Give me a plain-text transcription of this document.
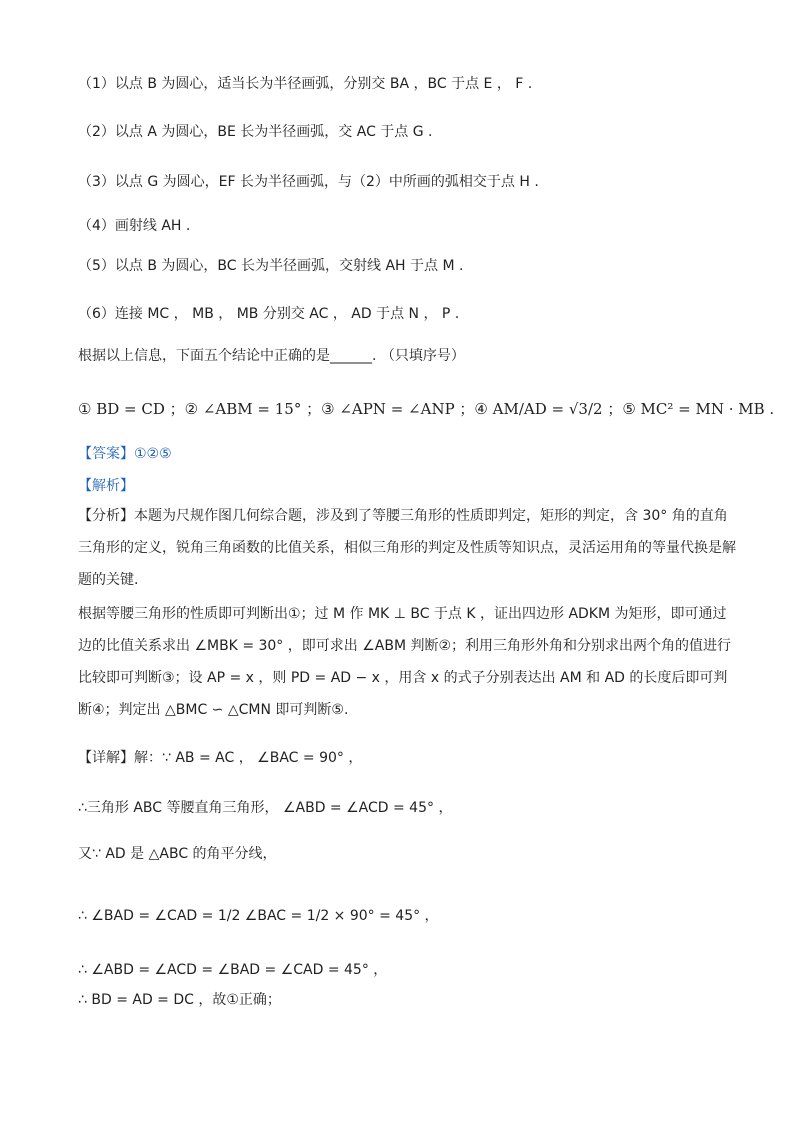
（1）以点 B 为圆心，适当长为半径画弧，分别交 BA ，BC 于点 E ， F .
（2）以点 A 为圆心，BE 长为半径画弧，交 AC 于点 G .
（3）以点 G 为圆心，EF 长为半径画弧，与（2）中所画的弧相交于点 H .
（4）画射线 AH .
（5）以点 B 为圆心，BC 长为半径画弧，交射线 AH 于点 M .
（6）连接 MC ， MB ， MB 分别交 AC ， AD 于点 N ， P .
根据以上信息，下面五个结论中正确的是______. （只填序号）
① BD = CD ；② ∠ABM = 15° ；③ ∠APN = ∠ANP ；④ AM/AD = √3/2 ；⑤ MC² = MN · MB .
【答案】①②⑤
【解析】
【分析】本题为尺规作图几何综合题，涉及到了等腰三角形的性质即判定，矩形的判定，含 30° 角的直角三角形的定义，锐角三角函数的比值关系，相似三角形的判定及性质等知识点，灵活运用角的等量代换是解题的关键.
根据等腰三角形的性质即可判断出①；过 M 作 MK ⊥ BC 于点 K ，证出四边形 ADKM 为矩形，即可通过边的比值关系求出 ∠MBK = 30° ，即可求出 ∠ABM 判断②；利用三角形外角和分别求出两个角的值进行比较即可判断③；设 AP = x ，则 PD = AD − x ，用含 x 的式子分别表达出 AM 和 AD 的长度后即可判断④；判定出 △BMC ∽ △CMN 即可判断⑤.
【详解】解：∵ AB = AC ， ∠BAC = 90° ，
∴三角形 ABC 等腰直角三角形， ∠ABD = ∠ACD = 45° ，
又∵ AD 是 △ABC 的角平分线，
∴ ∠BAD = ∠CAD = 1/2 ∠BAC = 1/2 × 90° = 45° ，
∴ ∠ABD = ∠ACD = ∠BAD = ∠CAD = 45° ，
∴ BD = AD = DC ，故①正确；
